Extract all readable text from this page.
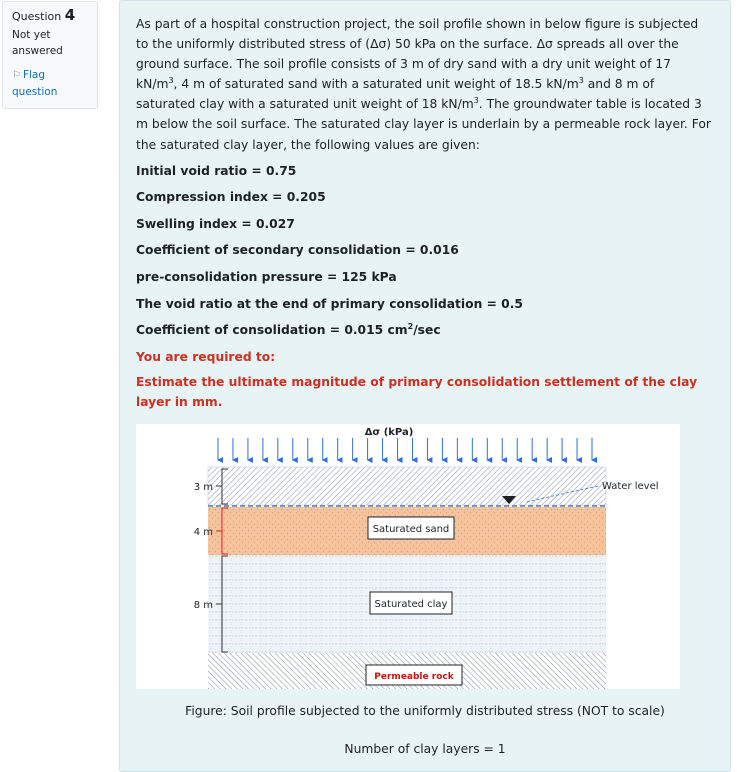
Question 4
Not yet answered
⚐ Flag question

As part of a hospital construction project, the soil profile shown in below figure is subjected to the uniformly distributed stress of (Δσ) 50 kPa on the surface. Δσ spreads all over the ground surface. The soil profile consists of 3 m of dry sand with a dry unit weight of 17 $kN/m^3$, 4 m of saturated sand with a saturated unit weight of 18.5 $kN/m^3$ and 8 m of saturated clay with a saturated unit weight of 18 $kN/m^3$. The groundwater table is located 3 m below the soil surface. The saturated clay layer is underlain by a permeable rock layer. For the saturated clay layer, the following values are given:

Initial void ratio = 0.75
Compression index = 0.205
Swelling index = 0.027
Coefficient of secondary consolidation = 0.016
pre-consolidation pressure = 125 kPa
The void ratio at the end of primary consolidation = 0.5
Coefficient of consolidation = 0.015 $cm^2/\sec$
You are required to:
Estimate the ultimate magnitude of primary consolidation settlement of the clay layer in mm.
Δσ (kPa)
Water level
Saturated sand
Saturated clay
Permeable rock
3 m
4 m
8 m
Figure: Soil profile subjected to the uniformly distributed stress (NOT to scale)
Number of clay layers = 1
